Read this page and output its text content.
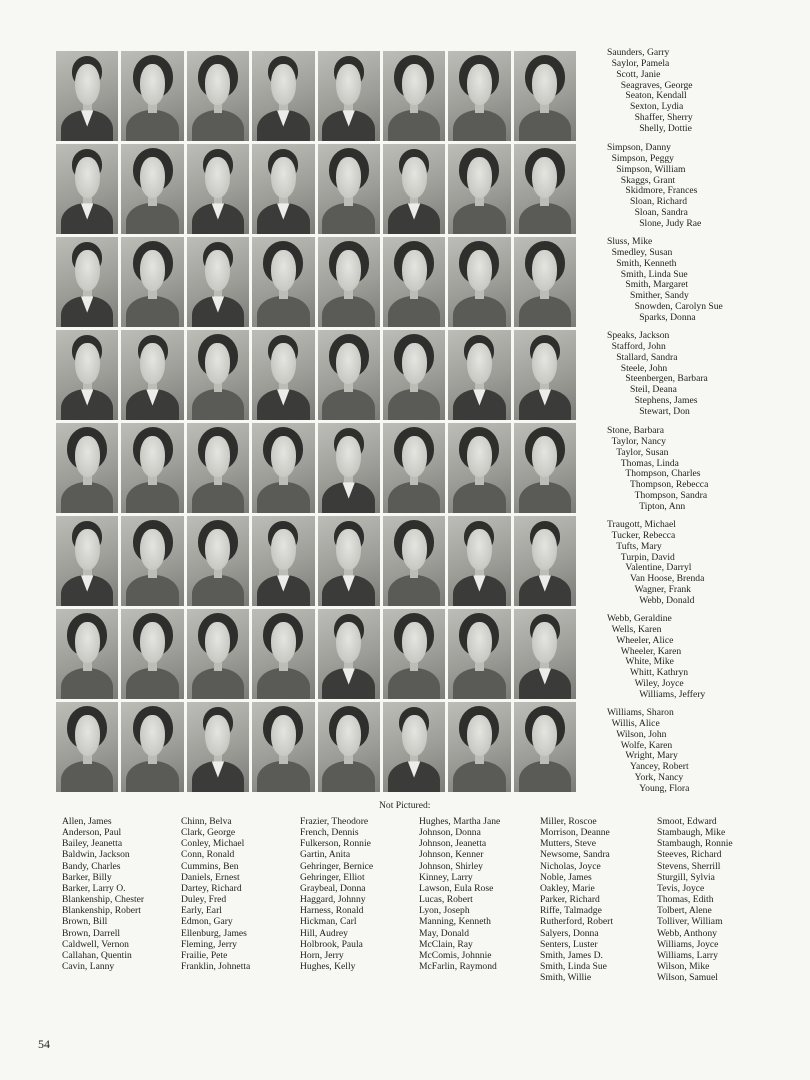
Saunders, Garry
Saylor, Pamela
Scott, Janie
Seagraves, George
Seaton, Kendall
Sexton, Lydia
Shaffer, Sherry
Shelly, Dottie
Simpson, Danny
Simpson, Peggy
Simpson, William
Skaggs, Grant
Skidmore, Frances
Sloan, Richard
Sloan, Sandra
Slone, Judy Rae
Sluss, Mike
Smedley, Susan
Smith, Kenneth
Smith, Linda Sue
Smith, Margaret
Smither, Sandy
Snowden, Carolyn Sue
Sparks, Donna
Speaks, Jackson
Stafford, John
Stallard, Sandra
Steele, John
Steenbergen, Barbara
Steil, Deana
Stephens, James
Stewart, Don
Stone, Barbara
Taylor, Nancy
Taylor, Susan
Thomas, Linda
Thompson, Charles
Thompson, Rebecca
Thompson, Sandra
Tipton, Ann
Traugott, Michael
Tucker, Rebecca
Tufts, Mary
Turpin, David
Valentine, Darryl
Van Hoose, Brenda
Wagner, Frank
Webb, Donald
Webb, Geraldine
Wells, Karen
Wheeler, Alice
Wheeler, Karen
White, Mike
Whitt, Kathryn
Wiley, Joyce
Williams, Jeffery
Williams, Sharon
Willis, Alice
Wilson, John
Wolfe, Karen
Wright, Mary
Yancey, Robert
York, Nancy
Young, Flora
Not Pictured:
Allen, James
Anderson, Paul
Bailey, Jeanetta
Baldwin, Jackson
Bandy, Charles
Barker, Billy
Barker, Larry O.
Blankenship, Chester
Blankenship, Robert
Brown, Bill
Brown, Darrell
Caldwell, Vernon
Callahan, Quentin
Cavin, Lanny
Chinn, Belva
Clark, George
Conley, Michael
Conn, Ronald
Cummins, Ben
Daniels, Ernest
Dartey, Richard
Duley, Fred
Early, Earl
Edmon, Gary
Ellenburg, James
Fleming, Jerry
Frailie, Pete
Franklin, Johnetta
Frazier, Theodore
French, Dennis
Fulkerson, Ronnie
Gartin, Anita
Gehringer, Bernice
Gehringer, Elliot
Graybeal, Donna
Haggard, Johnny
Harness, Ronald
Hickman, Carl
Hill, Audrey
Holbrook, Paula
Horn, Jerry
Hughes, Kelly
Hughes, Martha Jane
Johnson, Donna
Johnson, Jeanetta
Johnson, Kenner
Johnson, Shirley
Kinney, Larry
Lawson, Eula Rose
Lucas, Robert
Lyon, Joseph
Manning, Kenneth
May, Donald
McClain, Ray
McComis, Johnnie
McFarlin, Raymond
Miller, Roscoe
Morrison, Deanne
Mutters, Steve
Newsome, Sandra
Nicholas, Joyce
Noble, James
Oakley, Marie
Parker, Richard
Riffe, Talmadge
Rutherford, Robert
Salyers, Donna
Senters, Luster
Smith, James D.
Smith, Linda Sue
Smith, Willie
Smoot, Edward
Stambaugh, Mike
Stambaugh, Ronnie
Steeves, Richard
Stevens, Sherrill
Sturgill, Sylvia
Tevis, Joyce
Thomas, Edith
Tolbert, Alene
Tolliver, William
Webb, Anthony
Williams, Joyce
Williams, Larry
Wilson, Mike
Wilson, Samuel
54
